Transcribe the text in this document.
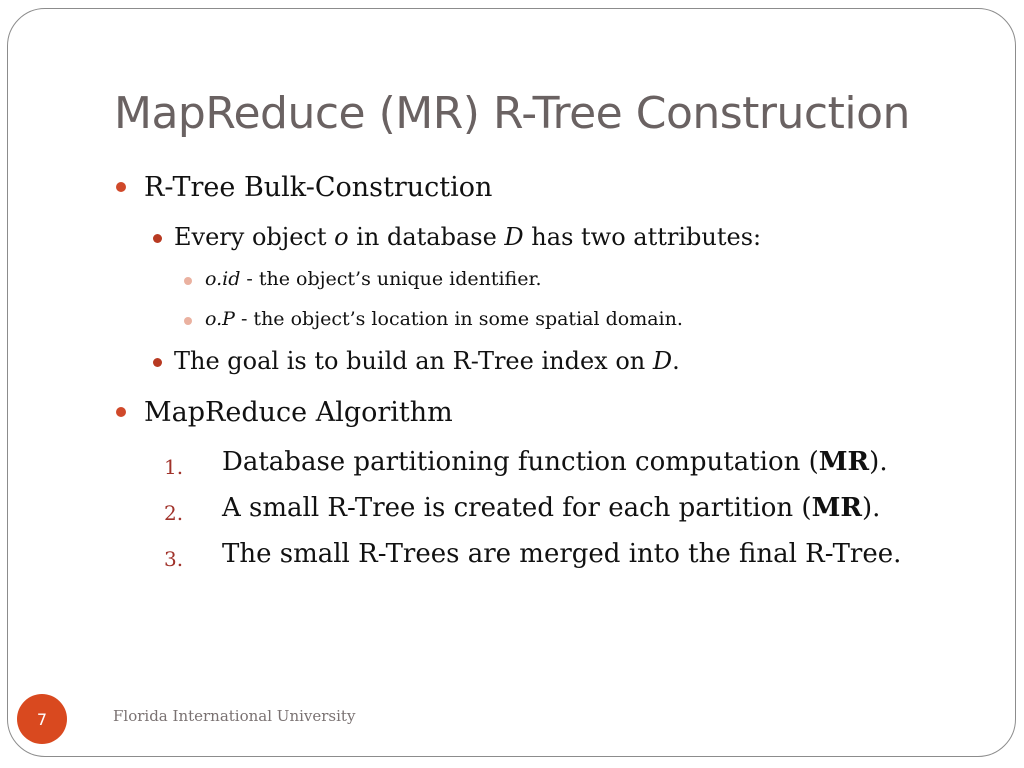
MapReduce (MR) R-Tree Construction
R-Tree Bulk-Construction
Every object o in database D has two attributes:
o.id - the object’s unique identifier.
o.P - the object’s location in some spatial domain.
The goal is to build an R-Tree index on D.
MapReduce Algorithm
1. Database partitioning function computation (MR).
2. A small R-Tree is created for each partition (MR).
3. The small R-Trees are merged into the final R-Tree.
7	Florida International University
